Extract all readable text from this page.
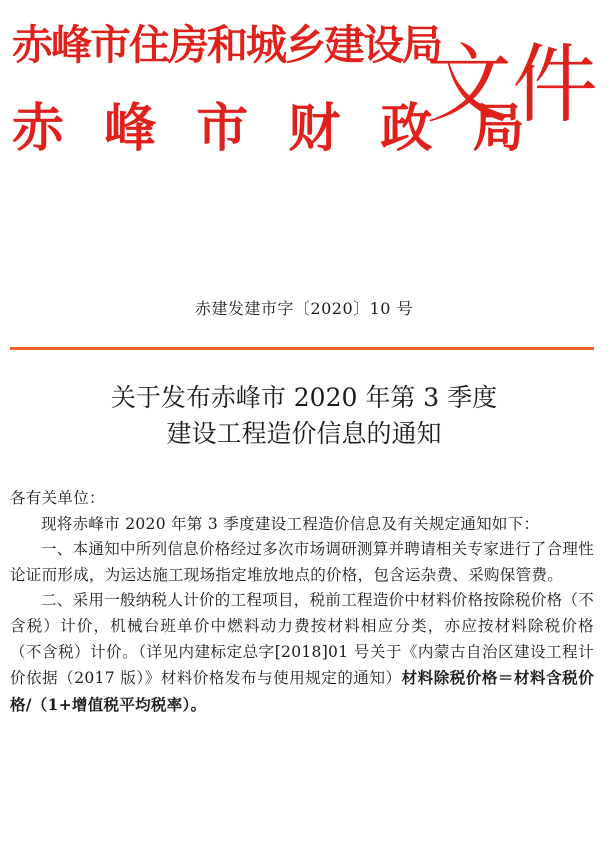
赤峰市住房和城乡建设局
赤 峰 市 财 政 局
文件
赤建发建市字〔2020〕10 号
关于发布赤峰市 2020 年第 3 季度
建设工程造价信息的通知

各有关单位：

现将赤峰市 2020 年第 3 季度建设工程造价信息及有关规定通知如下：

一、本通知中所列信息价格经过多次市场调研测算并聘请相关专家进行了合理性论证而形成，为运达施工现场指定堆放地点的价格，包含运杂费、采购保管费。

二、采用一般纳税人计价的工程项目，税前工程造价中材料价格按除税价格（不含税）计价，机械台班单价中燃料动力费按材料相应分类，亦应按材料除税价格（不含税）计价。（详见内建标定总字[2018]01 号关于《内蒙古自治区建设工程计价依据（2017 版）》材料价格发布与使用规定的通知）材料除税价格＝材料含税价格/（1+增值税平均税率）。
